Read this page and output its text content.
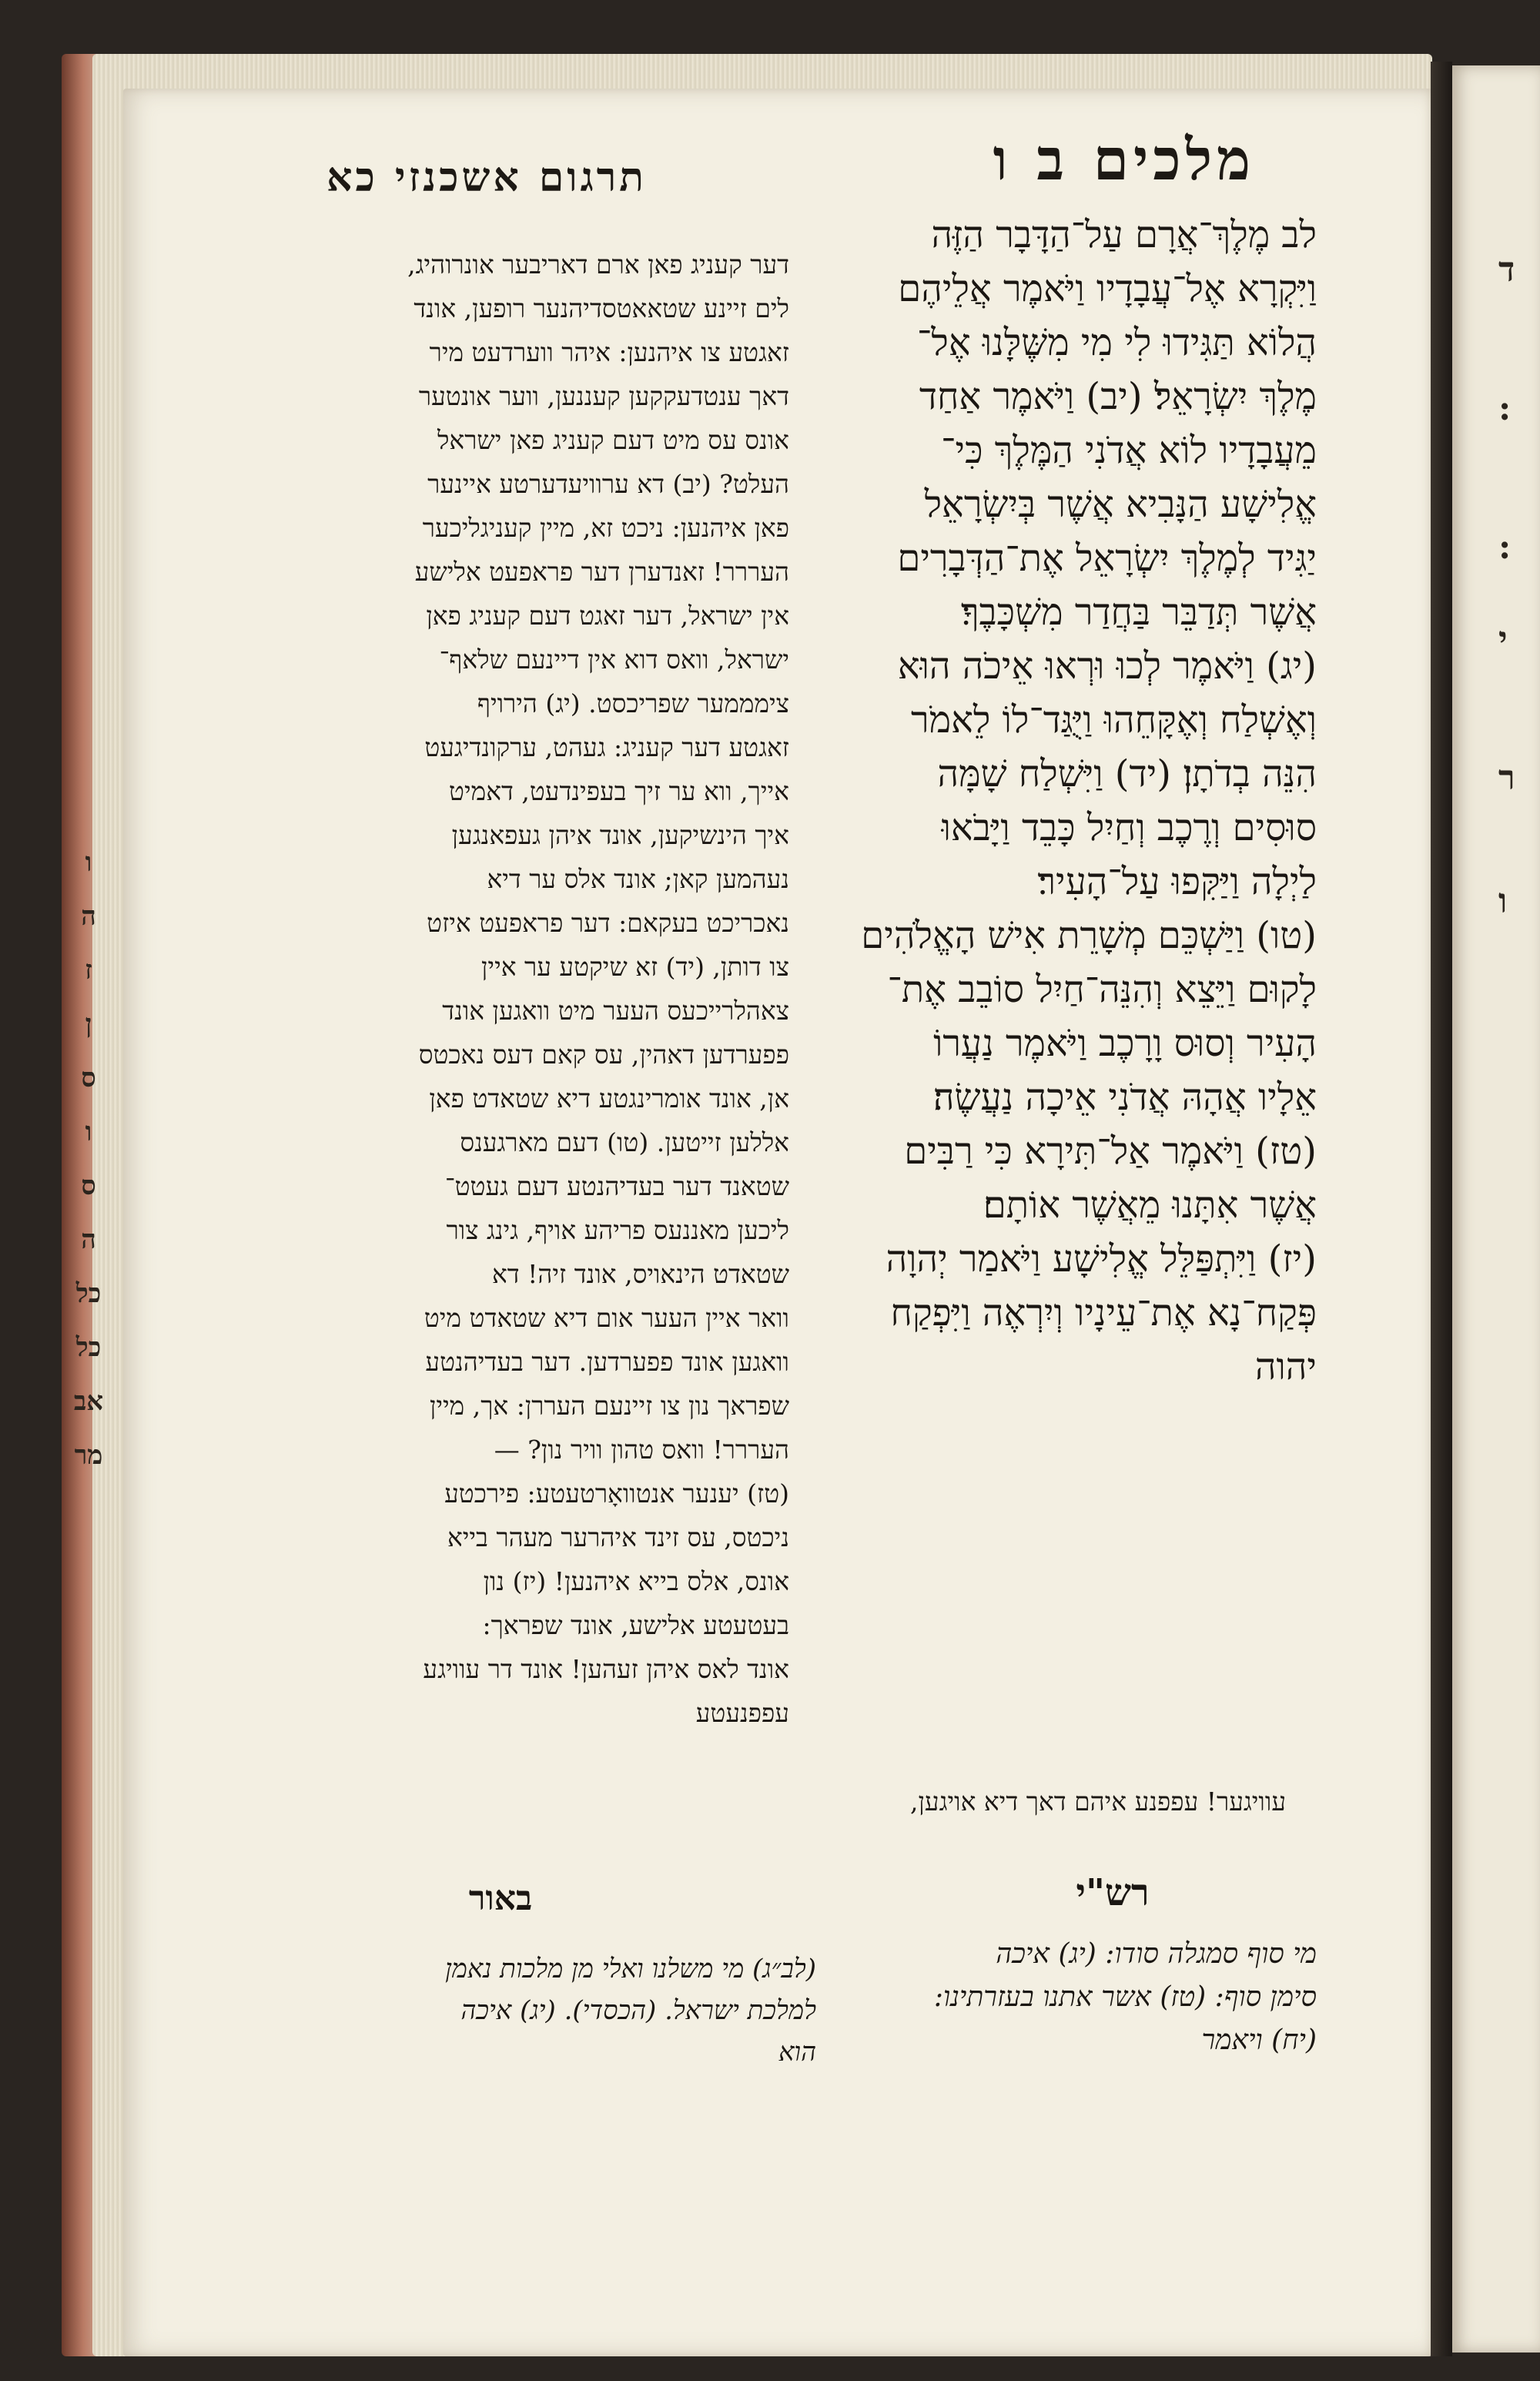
ד
:
:
י
ר
ו
ו
ה
ז
ן
ס
ו
ס
ה
כל
כל
אב
מר
מלכים ב ו
תרגום אשכנזי כא

לב מֶלֶךְ־אֲרָם עַל־הַדָּבָר הַזֶּה

וַיִּקְרָא אֶל־עֲבָדָיו וַיֹּאמֶר אֲלֵיהֶם

הֲלוֹא תַּגִּידוּ לִי מִי מִשֶּׁלָּנוּ אֶל־

מֶלֶךְ יִשְׂרָאֵל׃ (יב) וַיֹּאמֶר אַחַד

מֵעֲבָדָיו לוֹא אֲדֹנִי הַמֶּלֶךְ כִּי־

אֱלִישָׁע הַנָּבִיא אֲשֶׁר בְּיִשְׂרָאֵל

יַגִּיד לְמֶלֶךְ יִשְׂרָאֵל אֶת־הַדְּבָרִים

אֲשֶׁר תְּדַבֵּר בַּחֲדַר מִשְׁכָּבֶךָ׃

(יג) וַיֹּאמֶר לְכוּ וּרְאוּ אֵיכֹה הוּא

וְאֶשְׁלַח וְאֶקָּחֵהוּ וַיֻּגַּד־לוֹ לֵאמֹר

הִנֵּה בְדֹתָן׃ (יד) וַיִּשְׁלַח שָׁמָּה

סוּסִים וְרֶכֶב וְחַיִל כָּבֵד וַיָּבֹאוּ

לַיְלָה וַיַּקִּפוּ עַל־הָעִיר׃

(טו) וַיַּשְׁכֵּם מְשָׁרֵת אִישׁ הָאֱלֹהִים

לָקוּם וַיֵּצֵא וְהִנֵּה־חַיִל סוֹבֵב אֶת־

הָעִיר וְסוּס וָרָכֶב וַיֹּאמֶר נַעֲרוֹ

אֵלָיו אֲהָהּ אֲדֹנִי אֵיכָה נַעֲשֶׂה׃

(טז) וַיֹּאמֶר אַל־תִּירָא כִּי רַבִּים

אֲשֶׁר אִתָּנוּ מֵאֲשֶׁר אוֹתָם׃

(יז) וַיִּתְפַּלֵּל אֱלִישָׁע וַיֹּאמַר יְהוָה

פְּקַח־נָא אֶת־עֵינָיו וְיִרְאֶה וַיִּפְקַח

יהוה

דער קעניג פאן ארם דאריבער אונרוהיג,

לים זיינע שטאאטסדיהנער רופען, אונד

זאגטע צו איהנען: איהר ווערדעט מיר

דאך ענטדעקקען קעננען, ווער אונטער

אונס עס מיט דעם קעניג פאן ישראל

העלט? (יב) דא ערוויעדערטע איינער

פאן איהנען: ניכט זא, מיין קעניגליכער

העררר! זאנדערן דער פראפעט אלישע

אין ישראל, דער זאגט דעם קעניג פאן

ישראל, וואס דוא אין דיינעם שלאף־

צימממער שפריכסט. (יג) הירויף

זאגטע דער קעניג: געהט, ערקונדיגעט

אייך, ווא ער זיך בעפינדעט, דאמיט

איך הינשיקען, אונד איהן געפאנגען

נעהמען קאן; אונד אלס ער דיא

נאכריכט בעקאם: דער פראפעט איזט

צו דותן, (יד) זא שיקטע ער איין

צאהלרייכעס העער מיט וואגען אונד

פפערדען דאהין, עס קאם דעס נאכטס

אן, אונד אומרינגטע דיא שטאדט פאן

אללען זייטען. (טו) דעם מארגענס

שטאנד דער בעדיהנטע דעם געטט־

ליכען מאננעס פריהע אויף, גינג צור

שטאדט הינאויס, אונד זיה! דא

וואר איין העער אום דיא שטאדט מיט

וואגען אונד פפערדען. דער בעדיהנטע

שפראך נון צו זיינעם העררן: אך, מיין

העררר! וואס טהון וויר נון? —

(טז) יענער אנטוואָרטעטע: פירכטע

ניכטס, עס זינד איהרער מעהר בייא

אונס, אלס בייא איהנען! (יז) נון

בעטעטע אלישע, אונד שפראך:

אונד לאס איהן זעהען! אונד דר עוויגע

עפפנעטע

עוויגער! עפפנע איהם דאך דיא אויגען,
רש"י

מי סוף סמגלה סודו: (יג) איכה

סימן סוף: (טז) אשר אתנו בעזרתינו:

(יח) ויאמר

באור

(לב״ג) מי משלנו ואלי מן מלכות נאמן

למלכת ישראל. (הכסדי). (יג) איכה

הוא
